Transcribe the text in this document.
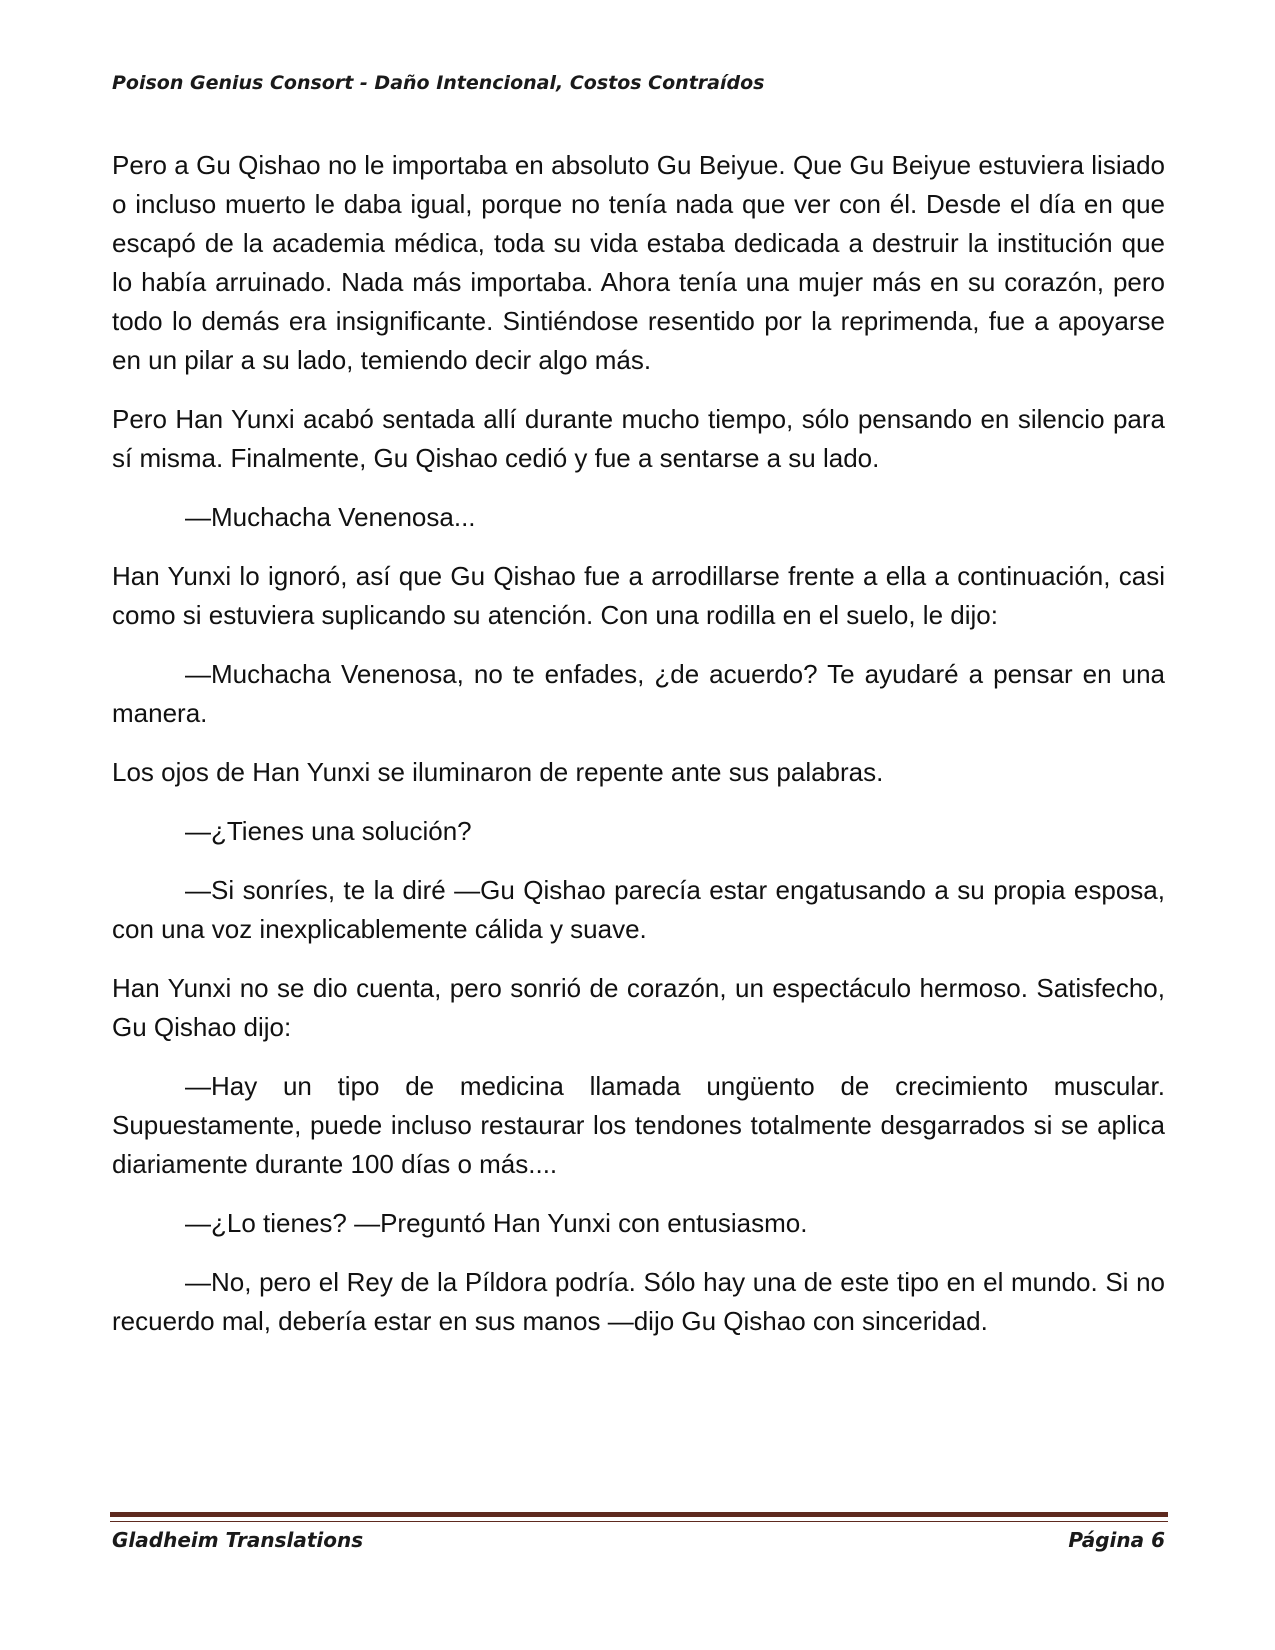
Poison Genius Consort - Daño Intencional, Costos Contraídos

Pero a Gu Qishao no le importaba en absoluto Gu Beiyue. Que Gu Beiyue estuviera lisiado o incluso muerto le daba igual, porque no tenía nada que ver con él. Desde el día en que escapó de la academia médica, toda su vida estaba dedicada a destruir la institución que lo había arruinado. Nada más importaba. Ahora tenía una mujer más en su corazón, pero todo lo demás era insignificante. Sintiéndose resentido por la reprimenda, fue a apoyarse en un pilar a su lado, temiendo decir algo más.

Pero Han Yunxi acabó sentada allí durante mucho tiempo, sólo pensando en silencio para sí misma. Finalmente, Gu Qishao cedió y fue a sentarse a su lado.

—Muchacha Venenosa...

Han Yunxi lo ignoró, así que Gu Qishao fue a arrodillarse frente a ella a continuación, casi como si estuviera suplicando su atención. Con una rodilla en el suelo, le dijo:

—Muchacha Venenosa, no te enfades, ¿de acuerdo? Te ayudaré a pensar en una manera.

Los ojos de Han Yunxi se iluminaron de repente ante sus palabras.

—¿Tienes una solución?

—Si sonríes, te la diré —Gu Qishao parecía estar engatusando a su propia esposa, con una voz inexplicablemente cálida y suave.

Han Yunxi no se dio cuenta, pero sonrió de corazón, un espectáculo hermoso. Satisfecho, Gu Qishao dijo:

—Hay un tipo de medicina llamada ungüento de crecimiento muscular. Supuestamente, puede incluso restaurar los tendones totalmente desgarrados si se aplica diariamente durante 100 días o más....

—¿Lo tienes? —Preguntó Han Yunxi con entusiasmo.

—No, pero el Rey de la Píldora podría. Sólo hay una de este tipo en el mundo. Si no recuerdo mal, debería estar en sus manos —dijo Gu Qishao con sinceridad.

Gladheim Translations	Página 6
